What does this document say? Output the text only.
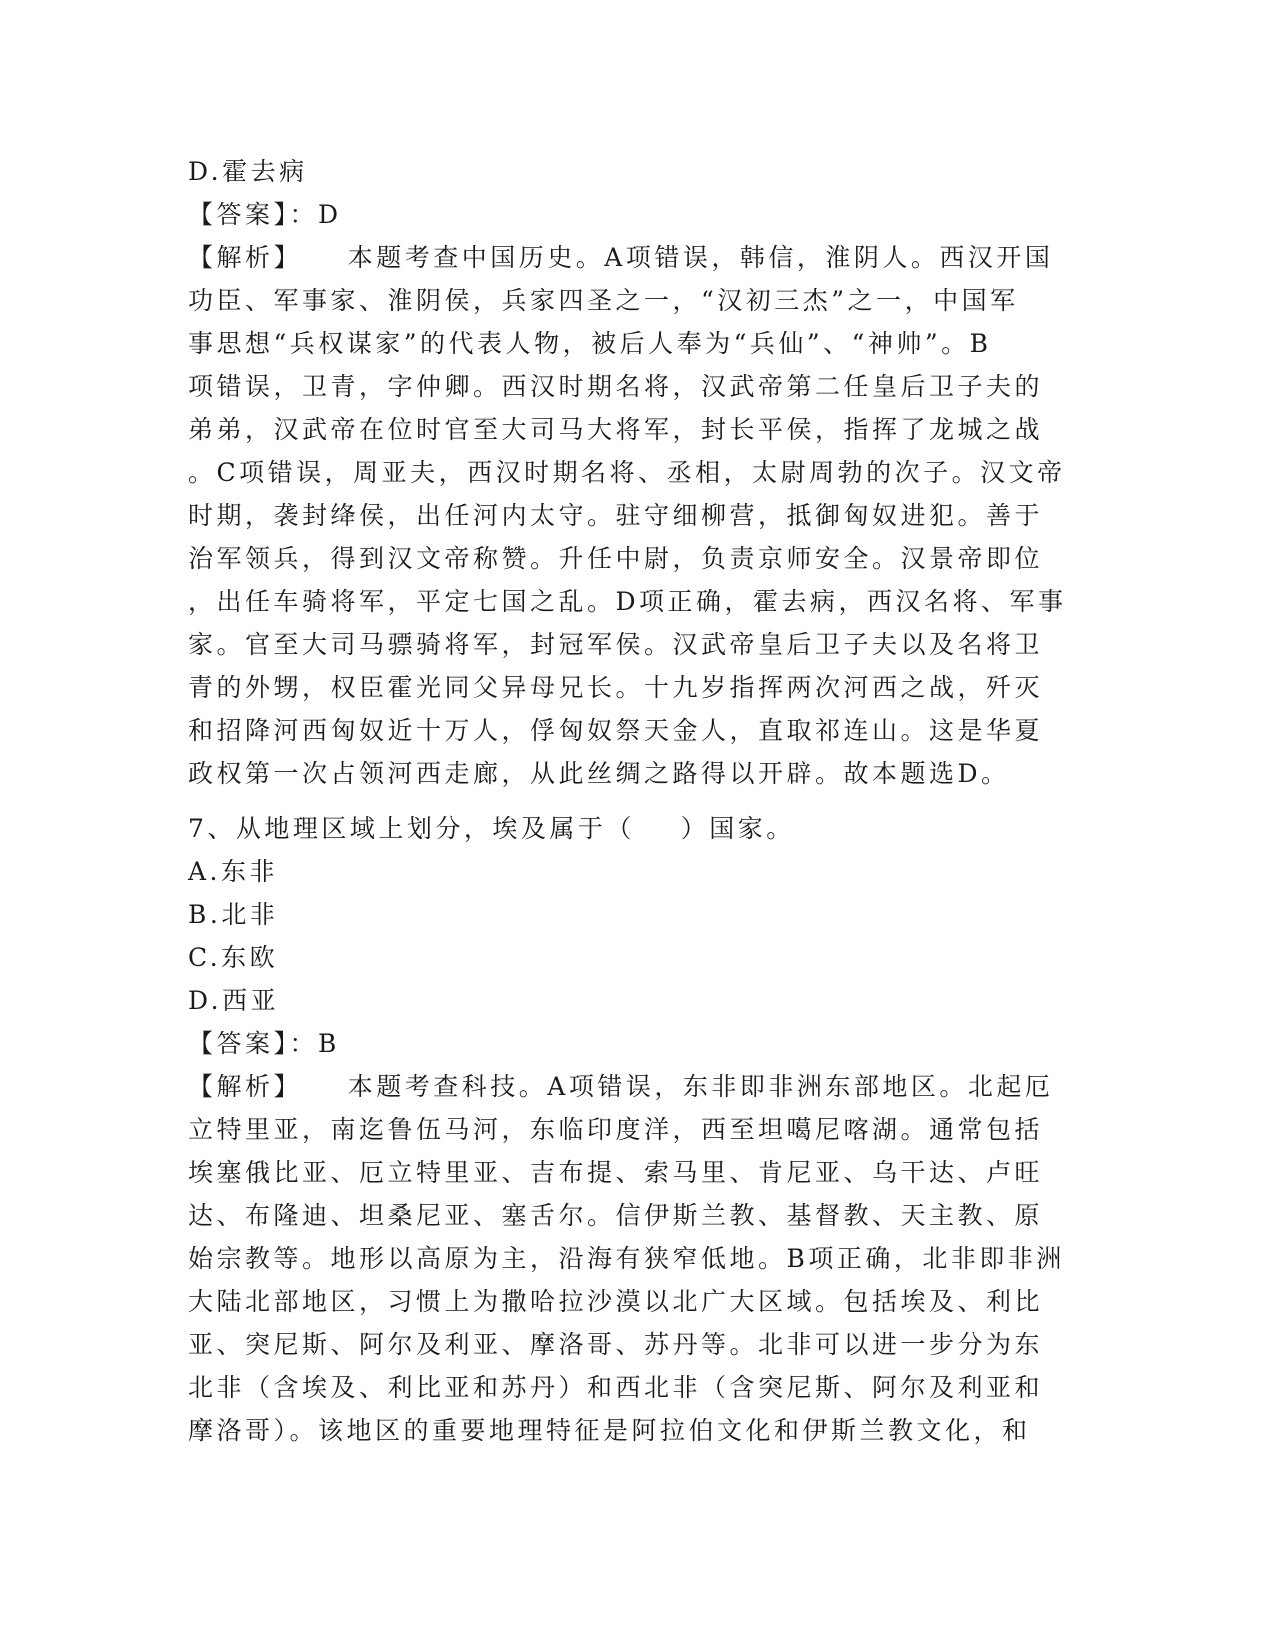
D.霍去病
【答案】：D
【解析】    本题考查中国历史。A项错误，韩信，淮阴人。西汉开国
功臣、军事家、淮阴侯，兵家四圣之一，“汉初三杰”之一，中国军
事思想“兵权谋家”的代表人物，被后人奉为“兵仙”、“神帅”。B
项错误，卫青，字仲卿。西汉时期名将，汉武帝第二任皇后卫子夫的
弟弟，汉武帝在位时官至大司马大将军，封长平侯，指挥了龙城之战
。C项错误，周亚夫，西汉时期名将、丞相，太尉周勃的次子。汉文帝
时期，袭封绛侯，出任河内太守。驻守细柳营，抵御匈奴进犯。善于
治军领兵，得到汉文帝称赞。升任中尉，负责京师安全。汉景帝即位
，出任车骑将军，平定七国之乱。D项正确，霍去病，西汉名将、军事
家。官至大司马骠骑将军，封冠军侯。汉武帝皇后卫子夫以及名将卫
青的外甥，权臣霍光同父异母兄长。十九岁指挥两次河西之战，歼灭
和招降河西匈奴近十万人，俘匈奴祭天金人，直取祁连山。这是华夏
政权第一次占领河西走廊，从此丝绸之路得以开辟。故本题选D。
7、从地理区域上划分，埃及属于（    ）国家。
A.东非
B.北非
C.东欧
D.西亚
【答案】：B
【解析】    本题考查科技。A项错误，东非即非洲东部地区。北起厄
立特里亚，南迄鲁伍马河，东临印度洋，西至坦噶尼喀湖。通常包括
埃塞俄比亚、厄立特里亚、吉布提、索马里、肯尼亚、乌干达、卢旺
达、布隆迪、坦桑尼亚、塞舌尔。信伊斯兰教、基督教、天主教、原
始宗教等。地形以高原为主，沿海有狭窄低地。B项正确，北非即非洲
大陆北部地区，习惯上为撒哈拉沙漠以北广大区域。包括埃及、利比
亚、突尼斯、阿尔及利亚、摩洛哥、苏丹等。北非可以进一步分为东
北非（含埃及、利比亚和苏丹）和西北非（含突尼斯、阿尔及利亚和
摩洛哥）。该地区的重要地理特征是阿拉伯文化和伊斯兰教文化，和
